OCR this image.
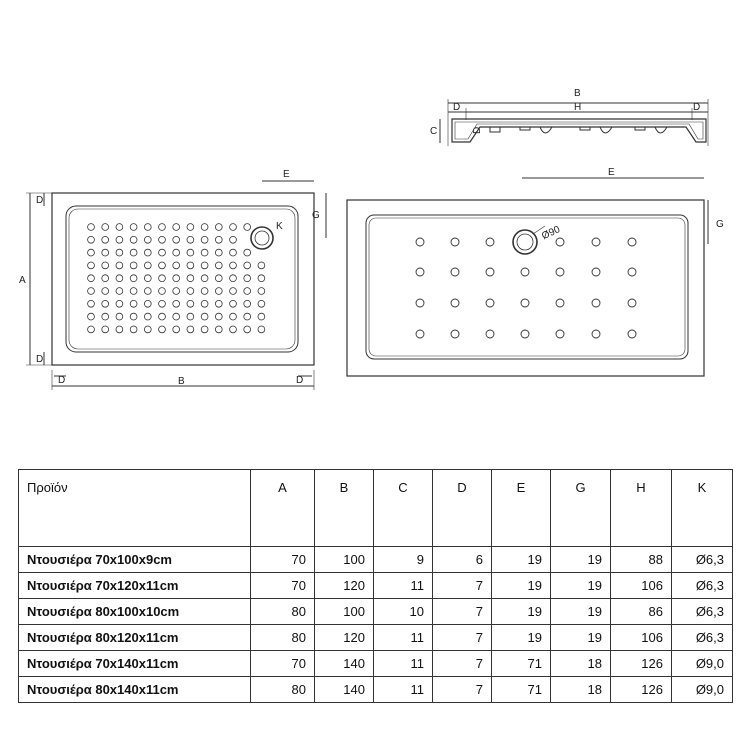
B
H
D	D
C	D
A
B
E
G
K
D
D
D	D
E
G
Ø90
Προϊόν	A	B	C	D	E	G	H	K
Ντουσιέρα 70x100x9cm	70	100	9	6	19	19	88	Ø6,3
Ντουσιέρα 70x120x11cm	70	120	11	7	19	19	106	Ø6,3
Ντουσιέρα 80x100x10cm	80	100	10	7	19	19	86	Ø6,3
Ντουσιέρα 80x120x11cm	80	120	11	7	19	19	106	Ø6,3
Ντουσιέρα 70x140x11cm	70	140	11	7	71	18	126	Ø9,0
Ντουσιέρα 80x140x11cm	80	140	11	7	71	18	126	Ø9,0
